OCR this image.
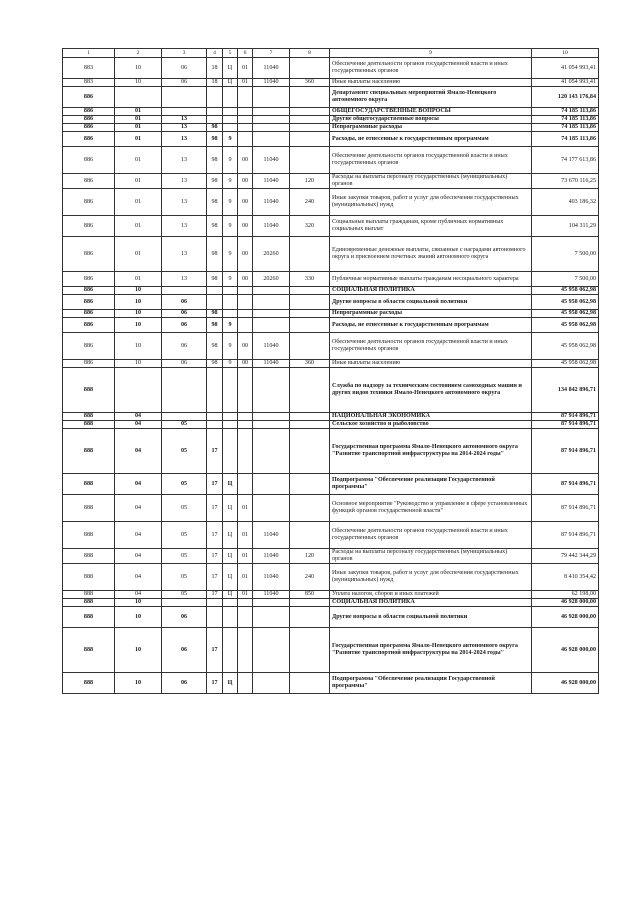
1	2	3	4	5	6	7	8	9	10
883	10	06	18	Ц	01	11040		Обеспечение деятельности органов государственной власти и иных государственных органов	41 054 993,41
883	10	06	18	Ц	01	11040	360	Иные выплаты населению	41 054 993,41
886								Департамент специальных мероприятий Ямало-Ненецкого автономного округа	120 143 176,84
886	01							ОБЩЕГОСУДАРСТВЕННЫЕ ВОПРОСЫ	74 185 113,86
886	01	13						Другие общегосударственные вопросы	74 185 113,86
886	01	13	98					Непрограммные расходы	74 185 113,86
886	01	13	98	9				Расходы, не отнесенные к государственным программам	74 185 113,86
886	01	13	98	9	00	11040		Обеспечение деятельности органов государственной власти и иных государственных органов	74 177 613,86
886	01	13	98	9	00	11040	120	Расходы на выплаты персоналу государственных (муниципальных) органов	73 670 116,25
886	01	13	98	9	00	11040	240	Иные закупки товаров, работ и услуг для обеспечения государственных (муниципальных) нужд	403 186,32
886	01	13	98	9	00	11040	320	Социальные выплаты гражданам, кроме публичных нормативных социальных выплат	104 311,29
886	01	13	98	9	00	20260		Единовременные денежные выплаты, связанные с наградами автономного округа и присвоением почетных званий автономного округа	7 500,00
886	01	13	98	9	00	20260	330	Публичные нормативные выплаты гражданам несоциального характера	7 500,00
886	10							СОЦИАЛЬНАЯ ПОЛИТИКА	45 958 062,98
886	10	06						Другие вопросы в области социальной политики	45 958 062,98
886	10	06	98					Непрограммные расходы	45 958 062,98
886	10	06	98	9				Расходы, не отнесенные к государственным программам	45 958 062,98
886	10	06	98	9	00	11040		Обеспечение деятельности органов государственной власти и иных государственных органов	45 958 062,98
886	10	06	98	9	00	11040	360	Иные выплаты населению	45 958 062,98
888								Служба по надзору за техническим состоянием самоходных машин и других видов техники Ямало-Ненецкого автономного округа	134 842 896,71
888	04							НАЦИОНАЛЬНАЯ ЭКОНОМИКА	87 914 896,71
888	04	05						Сельское хозяйство и рыболовство	87 914 896,71
888	04	05	17					Государственная программа Ямало-Ненецкого автономного округа "Развитие транспортной инфраструктуры на 2014-2024 годы"	87 914 896,71
888	04	05	17	Ц				Подпрограмма "Обеспечение реализации Государственной программы"	87 914 896,71
888	04	05	17	Ц	01			Основное мероприятие "Руководство и управление в сфере установленных функций органов государственной власти"	87 914 896,71
888	04	05	17	Ц	01	11040		Обеспечение деятельности органов государственной власти и иных государственных органов	87 914 896,71
888	04	05	17	Ц	01	11040	120	Расходы на выплаты персоналу государственных (муниципальных) органов	79 442 344,29
888	04	05	17	Ц	01	11040	240	Иные закупки товаров, работ и услуг для обеспечения государственных (муниципальных) нужд	8 410 354,42
888	04	05	17	Ц	01	11040	850	Уплата налогов, сборов и иных платежей	62 198,00
888	10							СОЦИАЛЬНАЯ ПОЛИТИКА	46 928 000,00
888	10	06						Другие вопросы в области социальной политики	46 928 000,00
888	10	06	17					Государственная программа Ямало-Ненецкого автономного округа "Развитие транспортной инфраструктуры на 2014-2024 годы"	46 928 000,00
888	10	06	17	Ц				Подпрограмма "Обеспечение реализации Государственной программы"	46 928 000,00
